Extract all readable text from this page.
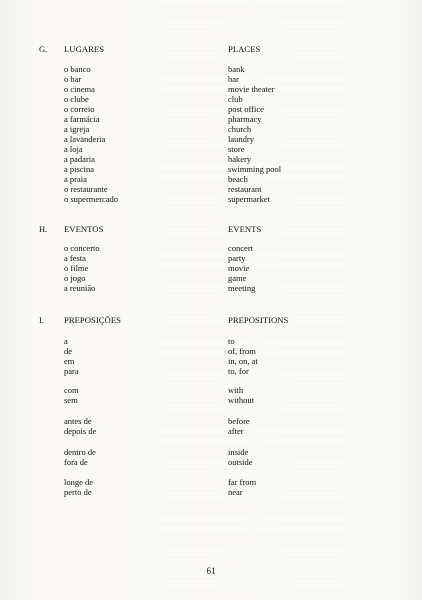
G. LUGARES	PLACES
o banco	bank
o bar	bar
o cinema	movie theater
o clube	club
o correio	post office
a farmácia	pharmacy
a igreja	church
a lavanderia	laundry
a loja	store
a padaria	bakery
a piscina	swimming pool
a praia	beach
o restaurante	restaurant
o supermercado	supermarket
H. EVENTOS	EVENTS
o concerto	concert
a festa	party
o filme	movie
o jogo	game
a reunião	meeting
I. PREPOSIÇÕES	PREPOSITIONS
a	to
de	of, from
em	in, on, at
para	to, for
com	with
sem	without
antes de	before
depois de	after
dentro de	inside
fora de	outside
longe de	far from
perto de	near
61
